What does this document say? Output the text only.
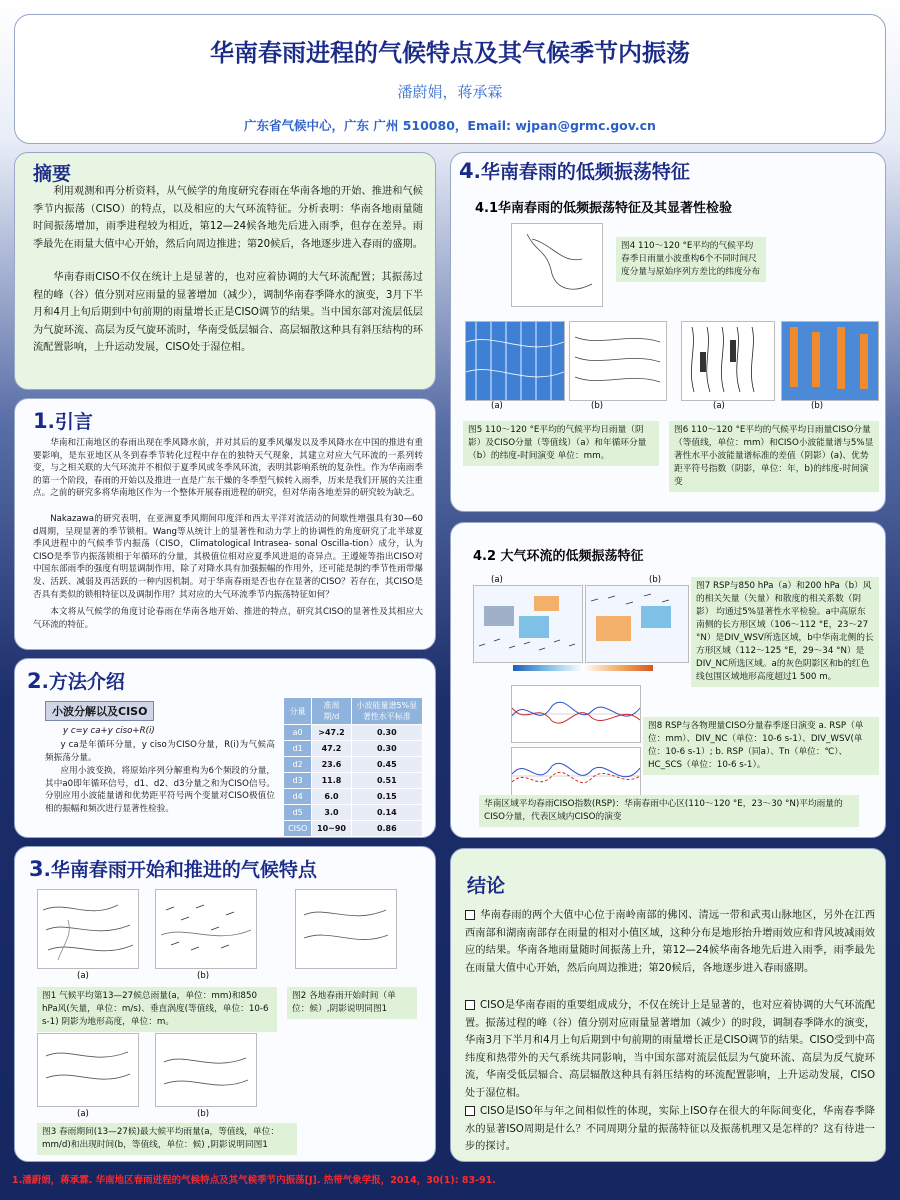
华南春雨进程的气候特点及其气候季节内振荡
潘蔚娟，蒋承霖
广东省气候中心，广东 广州 510080，Email: wjpan@grmc.gov.cn
摘要
利用观测和再分析资料，从气候学的角度研究春雨在华南各地的开始、推进和气候季节内振荡（CISO）的特点，以及相应的大气环流特征。分析表明：华南各地雨量随时间振荡增加，雨季进程较为相近，第12—24候各地先后进入雨季，但存在差异。雨季最先在雨量大值中心开始，然后向周边推进；第20候后，各地逐步进入春雨的盛期。
华南春雨CISO不仅在统计上是显著的，也对应着协调的大气环流配置；其振荡过程的峰（谷）值分别对应雨量的显著增加（减少），调制华南春季降水的演变，3月下半月和4月上旬后期到中旬前期的雨量增长正是CISO调节的结果。当中国东部对流层低层为气旋环流、高层为反气旋环流时，华南受低层辐合、高层辐散这种具有斜压结构的环流配置影响，上升运动发展，CISO处于湿位相。
1.引言
华南和江南地区的春雨出现在季风降水前，并对其后的夏季风爆发以及季风降水在中国的推进有重要影响，是东亚地区从冬到春季节转化过程中存在的独特天气现象，其建立对应大气环流的一系列转变，与之相关联的大气环流并不相似于夏季风或冬季风环流，表明其影响系统的复杂性。作为华南雨季的第一个阶段，春雨的开始以及推进一直是广东干燥的冬季型气候转入雨季，历来是我们开展的关注重点。之前的研究多将华南地区作为一个整体开展春雨进程的研究，但对华南各地差异的研究较为缺乏。
Nakazawa的研究表明，在亚洲夏季风期间印度洋和西太平洋对流活动的间歇性增强具有30—60 d周期，呈现显著的季节锁相。Wang等从统计上的显著性和动力学上的协调性的角度研究了北半球夏季风进程中的气候季节内振荡（CISO，Climatological Intrasea- sonal Oscilla-tion）成分，认为CISO是季节内振荡锁相于年循环的分量，其极值位相对应夏季风进退的奇异点。王遵娅等指出CISO对中国东部雨季的强度有明显调制作用，除了对降水具有加强振幅的作用外，还可能是制约季节性雨带爆发、活跃、减弱及再活跃的一种内因机制。对于华南春雨是否也存在显著的CISO？若存在，其CISO是否具有类似的锁相特征以及调制作用？其对应的大气环流季节内振荡特征如何？
本文将从气候学的角度讨论春雨在华南各地开始、推进的特点，研究其CISO的显著性及其相应大气环流的特征。
2.方法介绍
小波分解以及CISO
y c=y ca+y ciso+R(i)
y ca是年循环分量，y ciso为CISO分量，R(i)为气候高频振荡分量。
应用小波变换，将原始序列分解重构为6个频段的分量，其中a0即年循环信号，d1、d2、d3分量之和为CISO信号。分别应用小波能量谱和优势距平符号两个变量对CISO极值位相的振幅和频次进行显著性检验。
分量	准周期/d	小波能量谱5%显著性水平标准
a0	>47.2	0.30
d1	47.2	0.30
d2	23.6	0.45
d3	11.8	0.51
d4	6.0	0.15
d5	3.0	0.14
CISO	10~90	0.86
3.华南春雨开始和推进的气候特点
(a)	(b)
图1 气候平均第13—27候总雨量(a，单位：mm)和850 hPa风(矢量，单位：m/s)、垂直涡度(等值线，单位：10-6 s-1) 阴影为地形高度，单位：m。
图2 各地春雨开始时间（单位：候）,阴影说明同图1
(a)	(b)
图3 春雨期间(13—27候)最大候平均雨量(a，等值线，单位：mm/d)和出现时间(b，等值线，单位：候) ,阴影说明同图1
4.华南春雨的低频振荡特征
4.1华南春雨的低频振荡特征及其显著性检验
图4 110～120 °E平均的气候平均春季日雨量小波重构6个不同时间尺度分量与原始序列方差比的纬度分布
(a)	(b)	(a)	(b)
图5 110～120 °E平均的气候平均日雨量（阴影）及CISO分量（等值线）（a）和年循环分量（b）的纬度-时间演变 单位：mm。
图6 110～120 °E平均的气候平均日雨量CISO分量（等值线，单位：mm）和CISO小波能量谱与5%显著性水平小波能量谱标准的差值（阴影）(a)、优势距平符号指数（阴影，单位：年，b)的纬度-时间演变
4.2 大气环流的低频振荡特征
(a)	(b)
图7 RSP与850 hPa（a）和200 hPa（b）风的相关矢量（矢量）和散度的相关系数（阴影） 均通过5%显著性水平检验。a中高原东南侧的长方形区域（106～112 °E，23～27 °N）是DIV_WSV所选区域，b中华南北侧的长方形区域（112～125 °E，29～34 °N）是DIV_NC所选区域。a的灰色阴影区和b的红色线包围区域地形高度超过1 500 m。
图8 RSP与各物理量CISO分量春季逐日演变 a. RSP（单位：mm）、DIV_NC（单位：10-6 s-1）、DIV_WSV(单位：10-6 s-1）; b. RSP（同a）、Tn（单位：℃）、HC_SCS（单位：10-6 s-1）。
华南区域平均春雨CISO指数(RSP)：华南春雨中心区(110～120 °E，23～30 °N)平均雨量的CISO分量，代表区域内CISO的演变
结论
华南春雨的两个大值中心位于南岭南部的佛冈、清远一带和武夷山脉地区，另外在江西西南部和湖南南部存在雨量的相对小值区域，这种分布是地形抬升增雨效应和背风坡减雨效应的结果。华南各地雨量随时间振荡上升，第12—24候华南各地先后进入雨季，雨季最先在雨量大值中心开始，然后向周边推进；第20候后，各地逐步进入春雨盛期。
CISO是华南春雨的重要组成成分，不仅在统计上是显著的，也对应着协调的大气环流配置。振荡过程的峰（谷）值分别对应雨量显著增加（减少）的时段，调制春季降水的演变，华南3月下半月和4月上旬后期到中旬前期的雨量增长正是CISO调节的结果。CISO受到中高纬度和热带外的天气系统共同影响，当中国东部对流层低层为气旋环流、高层为反气旋环流，华南受低层辐合、高层辐散这种具有斜压结构的环流配置影响，上升运动发展，CISO处于湿位相。
CISO是ISO年与年之间相似性的体现，实际上ISO存在很大的年际间变化，华南春季降水的显著ISO周期是什么？不同周期分量的振荡特征以及振荡机理又是怎样的？这有待进一步的探讨。
1.潘蔚娟，蒋承霖. 华南地区春雨进程的气候特点及其气候季节内振荡[J]. 热带气象学报，2014，30(1): 83-91.
